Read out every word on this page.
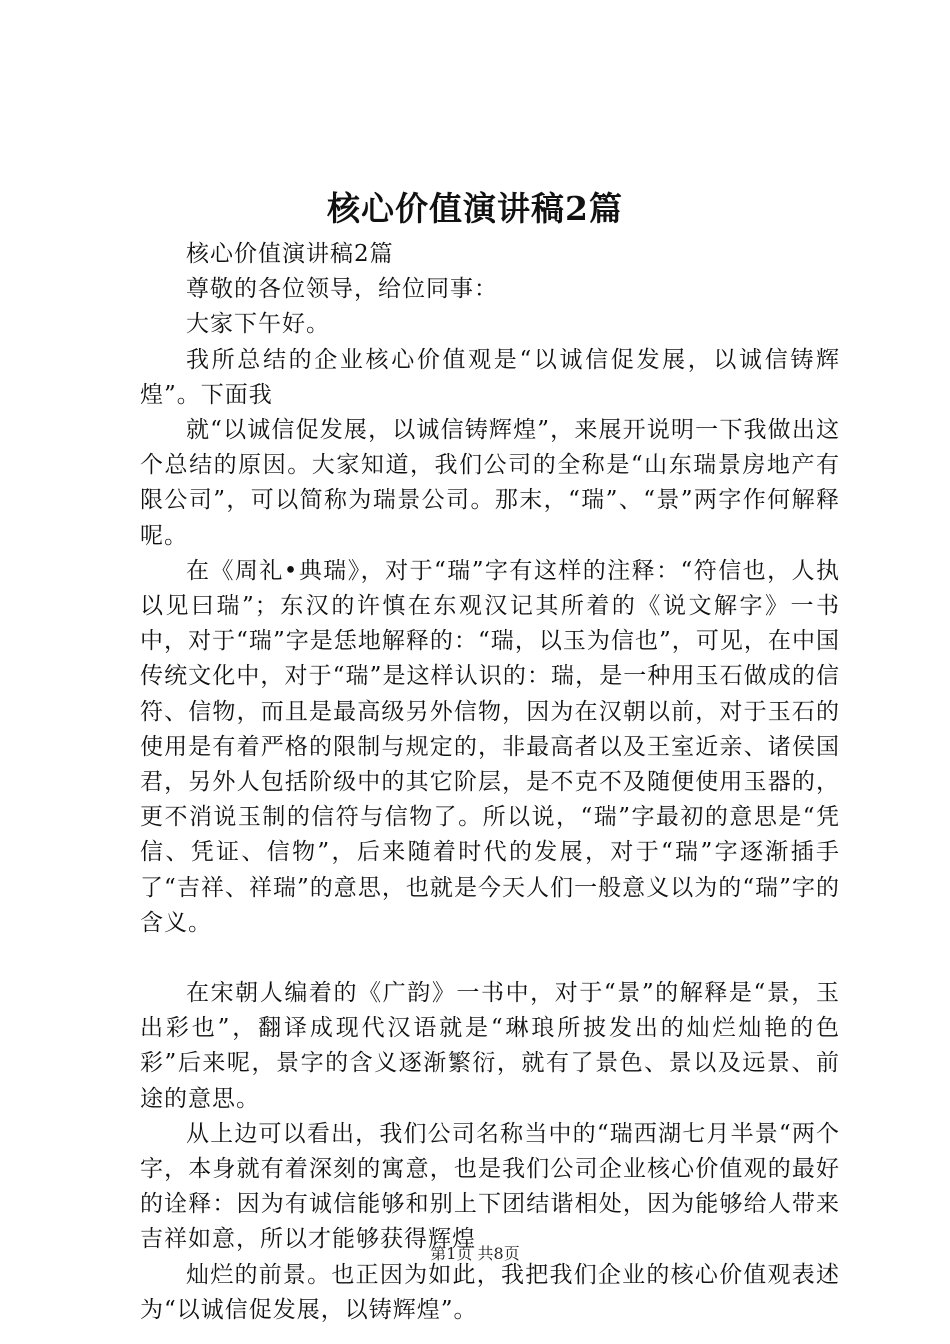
核心价值演讲稿2篇

核心价值演讲稿2篇

尊敬的各位领导，给位同事：

大家下午好。

我所总结的企业核心价值观是“以诚信促发展，以诚信铸辉煌”。下面我

就“以诚信促发展，以诚信铸辉煌”，来展开说明一下我做出这个总结的原因。大家知道，我们公司的全称是“山东瑞景房地产有限公司”，可以简称为瑞景公司。那末，“瑞”、“景”两字作何解释呢。

在《周礼•典瑞》，对于“瑞”字有这样的注释：“符信也，人执以见曰瑞”；东汉的许慎在东观汉记其所着的《说文解字》一书中，对于“瑞”字是恁地解释的：“瑞，以玉为信也”，可见，在中国传统文化中，对于“瑞”是这样认识的：瑞，是一种用玉石做成的信符、信物，而且是最高级另外信物，因为在汉朝以前，对于玉石的使用是有着严格的限制与规定的，非最高者以及王室近亲、诸侯国君，另外人包括阶级中的其它阶层，是不克不及随便使用玉器的，更不消说玉制的信符与信物了。所以说，“瑞”字最初的意思是“凭信、凭证、信物”，后来随着时代的发展，对于“瑞”字逐渐插手了“吉祥、祥瑞”的意思，也就是今天人们一般意义以为的“瑞”字的含义。

在宋朝人编着的《广韵》一书中，对于“景”的解释是“景，玉出彩也”，翻译成现代汉语就是“琳琅所披发出的灿烂灿艳的色彩”后来呢，景字的含义逐渐繁衍，就有了景色、景以及远景、前途的意思。

从上边可以看出，我们公司名称当中的“瑞西湖七月半景“两个字，本身就有着深刻的寓意，也是我们公司企业核心价值观的最好的诠释：因为有诚信能够和别上下团结谐相处，因为能够给人带来吉祥如意，所以才能够获得辉煌

灿烂的前景。也正因为如此，我把我们企业的核心价值观表述为“以诚信促发展，以铸辉煌”。

第1页 共8页
